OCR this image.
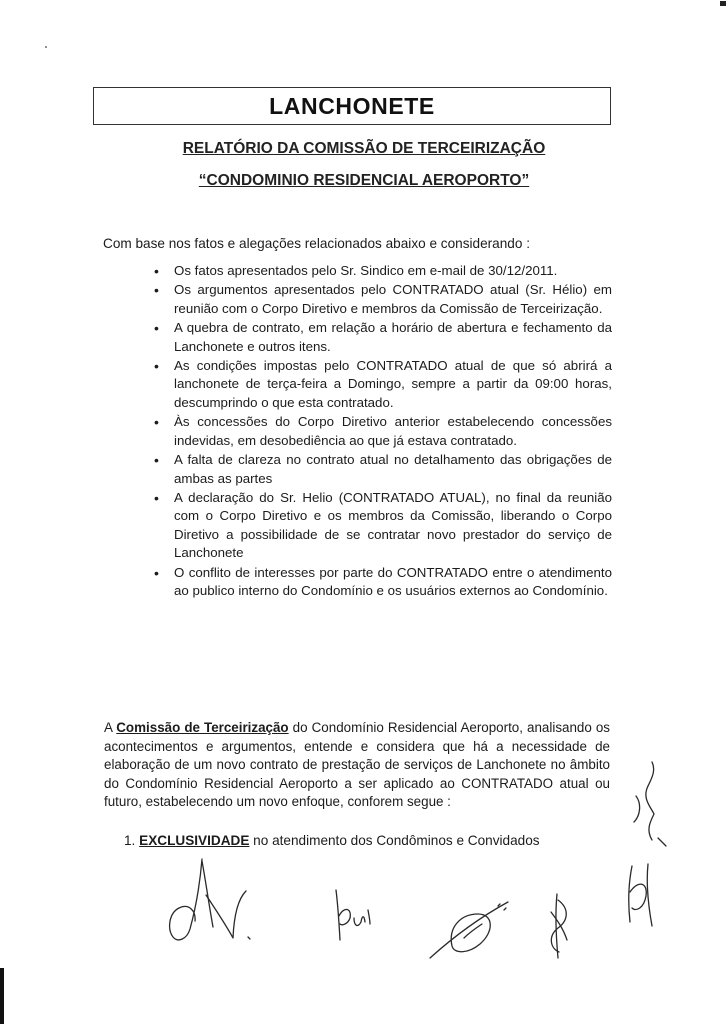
LANCHONETE
RELATÓRIO DA COMISSÃO DE TERCEIRIZAÇÃO
“CONDOMINIO RESIDENCIAL AEROPORTO”
Com base nos fatos e alegações relacionados abaixo e considerando :
• Os fatos apresentados pelo Sr. Sindico em e-mail de 30/12/2011.
• Os argumentos apresentados pelo CONTRATADO atual (Sr. Hélio) em reunião com o Corpo Diretivo e membros da Comissão de Terceirização.
• A quebra de contrato, em relação a horário de abertura e fechamento da Lanchonete e outros itens.
• As condições impostas pelo CONTRATADO atual de que só abrirá a lanchonete de terça-feira a Domingo, sempre a partir da 09:00 horas, descumprindo o que esta contratado.
• Às concessões do Corpo Diretivo anterior estabelecendo concessões indevidas, em desobediência ao que já estava contratado.
• A falta de clareza no contrato atual no detalhamento das obrigações de ambas as partes
• A declaração do Sr. Helio (CONTRATADO ATUAL), no final da reunião com o Corpo Diretivo e os membros da Comissão, liberando o Corpo Diretivo a possibilidade de se contratar novo prestador do serviço de Lanchonete
• O conflito de interesses por parte do CONTRATADO entre o atendimento ao publico interno do Condomínio e os usuários externos ao Condomínio.

A Comissão de Terceirização do Condomínio Residencial Aeroporto, analisando os acontecimentos e argumentos, entende e considera que há a necessidade de elaboração de um novo contrato de prestação de serviços de Lanchonete no âmbito do Condomínio Residencial Aeroporto a ser aplicado ao CONTRATADO atual ou futuro, estabelecendo um novo enfoque, conforem segue :

1. EXCLUSIVIDADE no atendimento dos Condôminos e Convidados
